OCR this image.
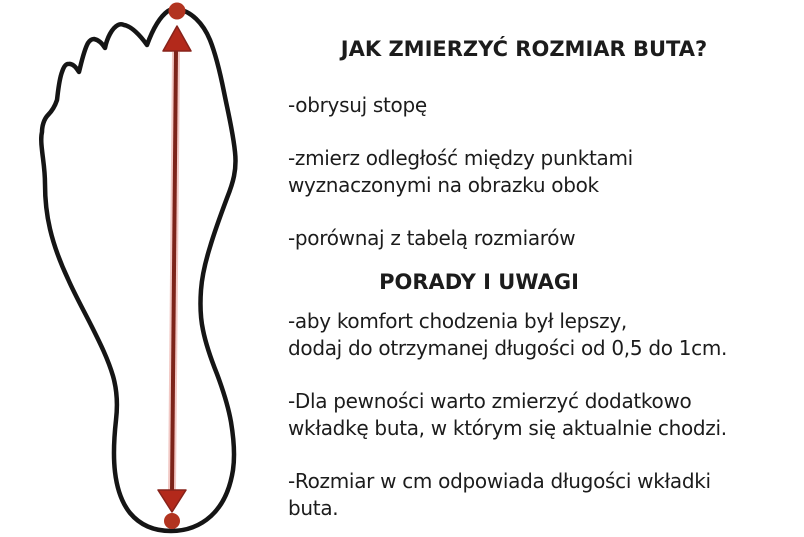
JAK ZMIERZYĆ ROZMIAR BUTA?
-obrysuj stopę
-zmierz odległość między punktami
wyznaczonymi na obrazku obok
-porównaj z tabelą rozmiarów
PORADY I UWAGI
-aby komfort chodzenia był lepszy,
dodaj do otrzymanej długości od 0,5 do 1cm.
-Dla pewności warto zmierzyć dodatkowo
wkładkę buta, w którym się aktualnie chodzi.
-Rozmiar w cm odpowiada długości wkładki
buta.
